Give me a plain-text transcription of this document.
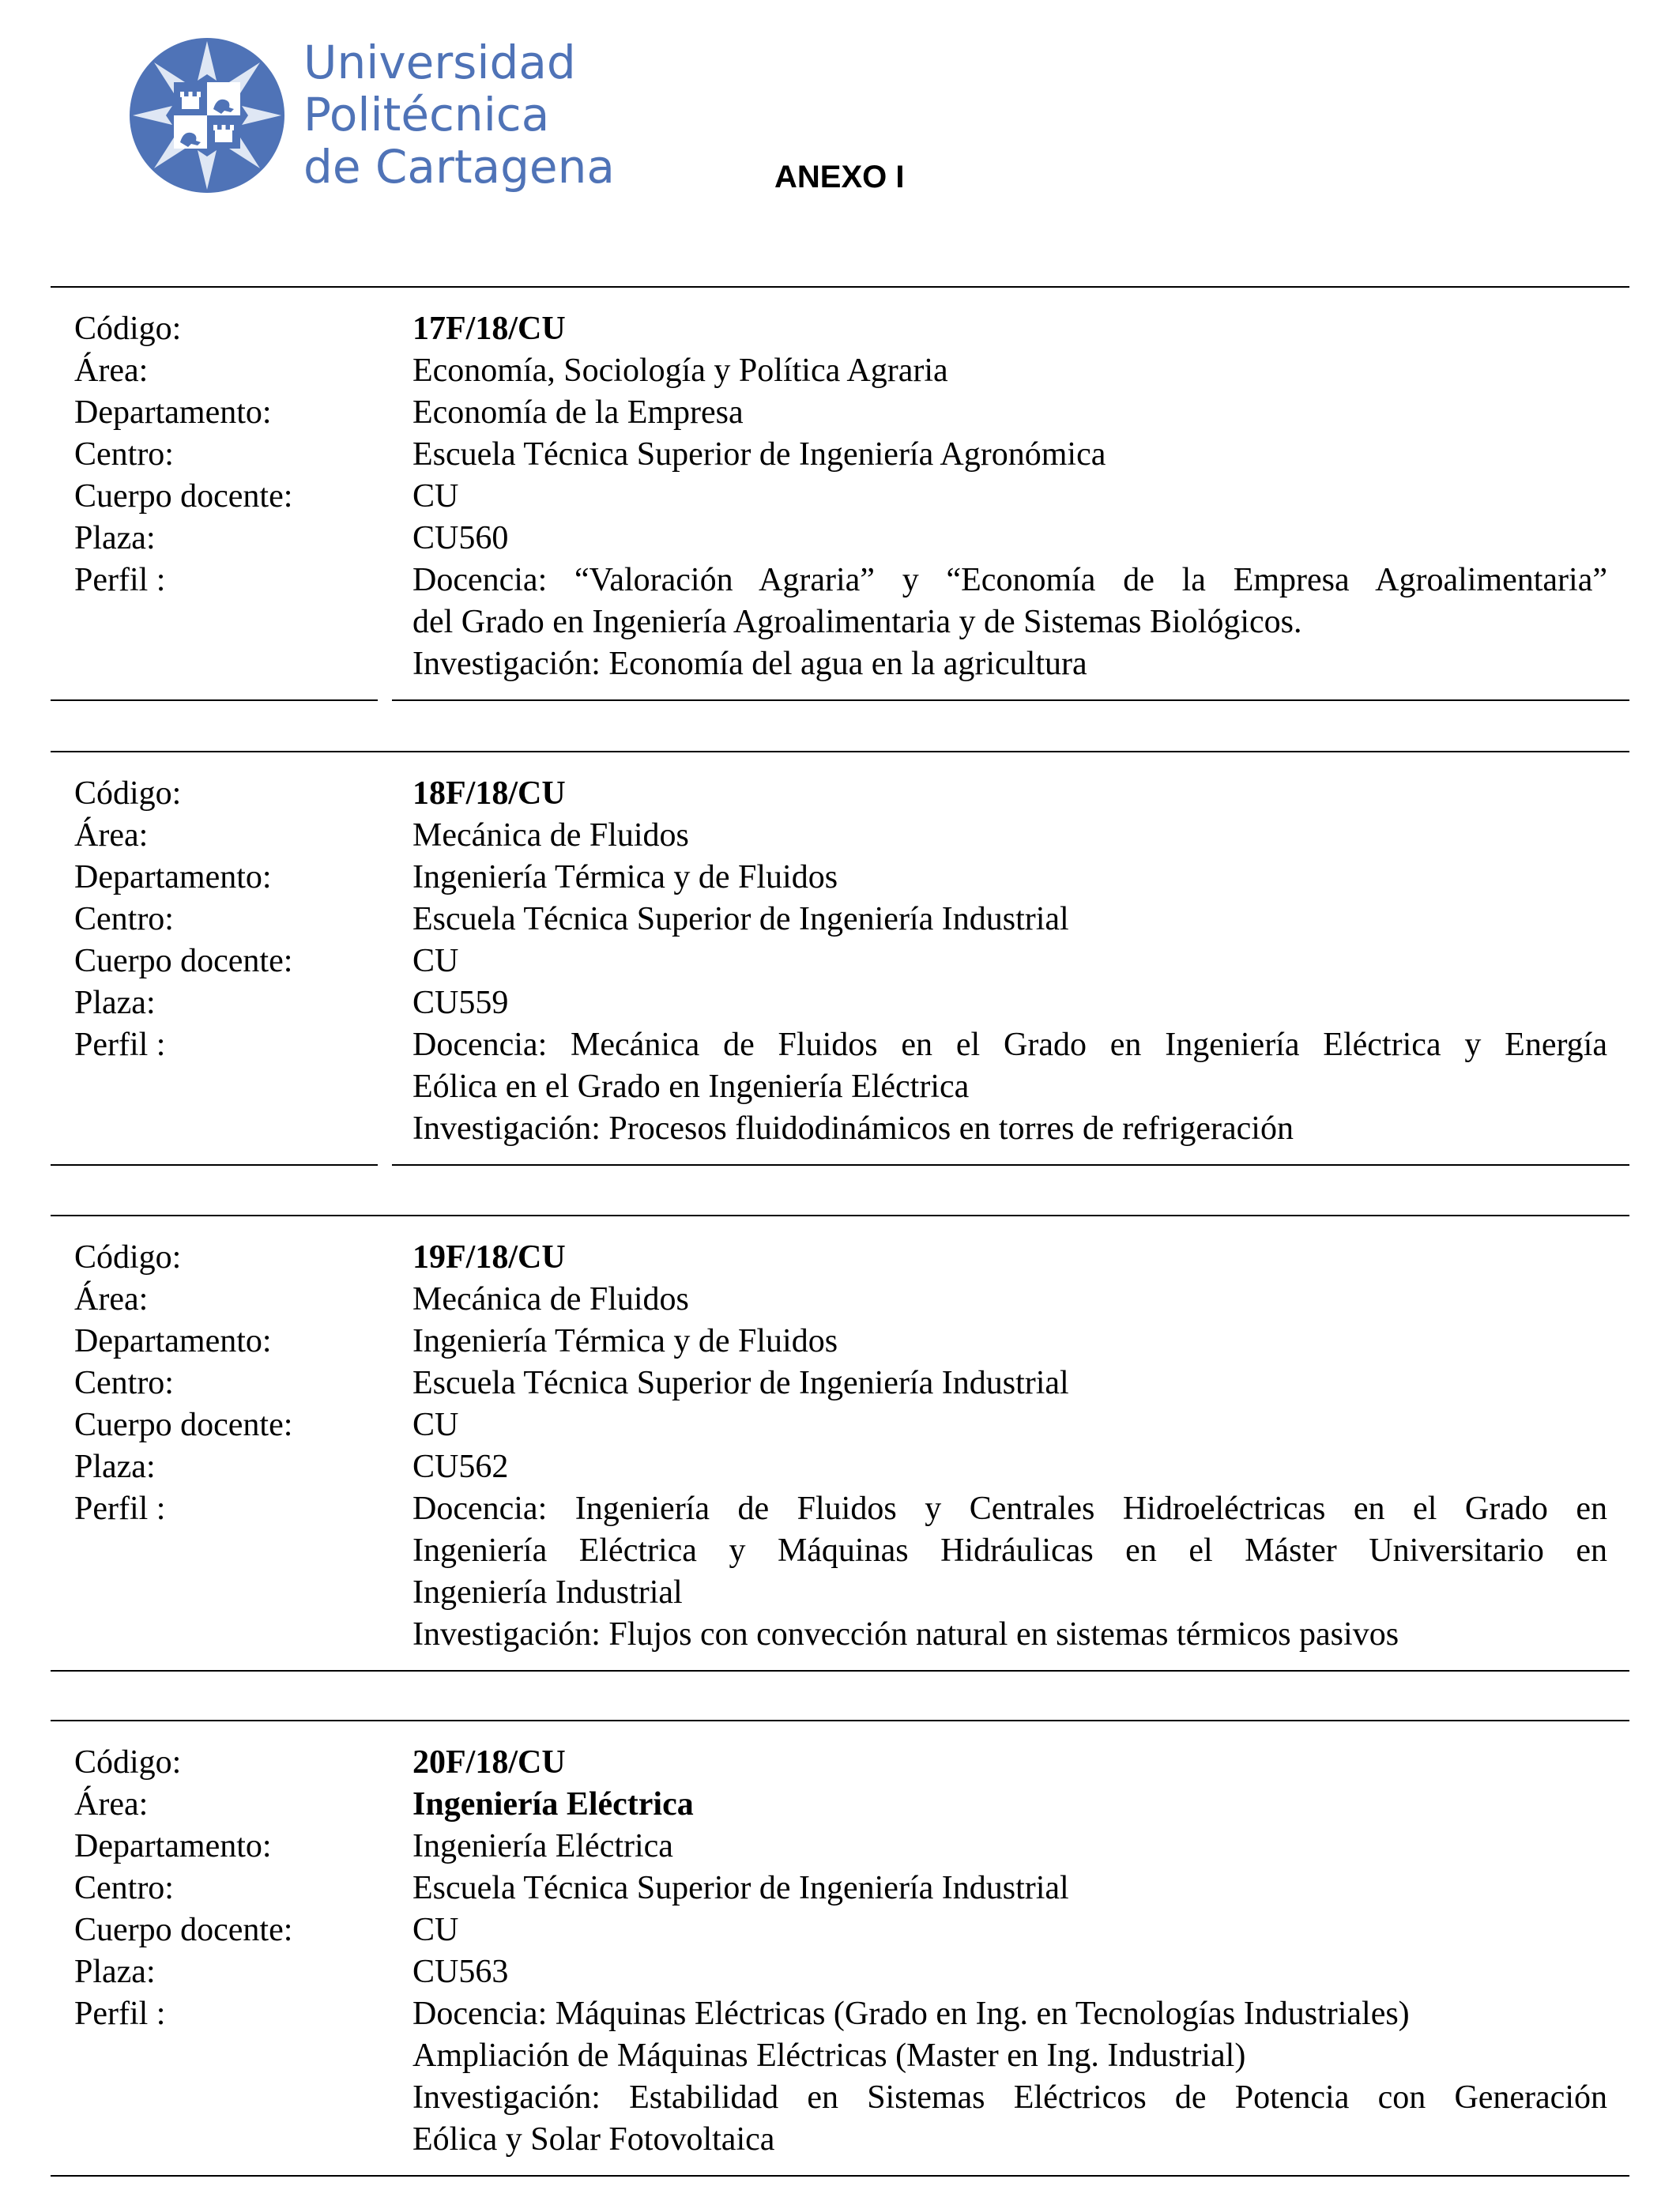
Universidad
Politécnica
de Cartagena	ANEXO I
Código:	17F/18/CU
Área:	Economía, Sociología y Política Agraria
Departamento:	Economía de la Empresa
Centro:	Escuela Técnica Superior de Ingeniería Agronómica
Cuerpo docente:	CU
Plaza:	CU560
Perfil :	Docencia: “Valoración Agraria” y “Economía de la Empresa Agroalimentaria”
del Grado en Ingeniería Agroalimentaria y de Sistemas Biológicos.
Investigación: Economía del agua en la agricultura
Código:	18F/18/CU
Área:	Mecánica de Fluidos
Departamento:	Ingeniería Térmica y de Fluidos
Centro:	Escuela Técnica Superior de Ingeniería Industrial
Cuerpo docente:	CU
Plaza:	CU559
Perfil :	Docencia: Mecánica de Fluidos en el Grado en Ingeniería Eléctrica y Energía
Eólica en el Grado en Ingeniería Eléctrica
Investigación: Procesos fluidodinámicos en torres de refrigeración
Código:	19F/18/CU
Área:	Mecánica de Fluidos
Departamento:	Ingeniería Térmica y de Fluidos
Centro:	Escuela Técnica Superior de Ingeniería Industrial
Cuerpo docente:	CU
Plaza:	CU562
Perfil :	Docencia: Ingeniería de Fluidos y Centrales Hidroeléctricas en el Grado en
Ingeniería Eléctrica y Máquinas Hidráulicas en el Máster Universitario en
Ingeniería Industrial
Investigación: Flujos con convección natural en sistemas térmicos pasivos
Código:	20F/18/CU
Área:	Ingeniería Eléctrica
Departamento:	Ingeniería Eléctrica
Centro:	Escuela Técnica Superior de Ingeniería Industrial
Cuerpo docente:	CU
Plaza:	CU563
Perfil :	Docencia: Máquinas Eléctricas (Grado en Ing. en Tecnologías Industriales)
Ampliación de Máquinas Eléctricas (Master en Ing. Industrial)
Investigación: Estabilidad en Sistemas Eléctricos de Potencia con Generación
Eólica y Solar Fotovoltaica
